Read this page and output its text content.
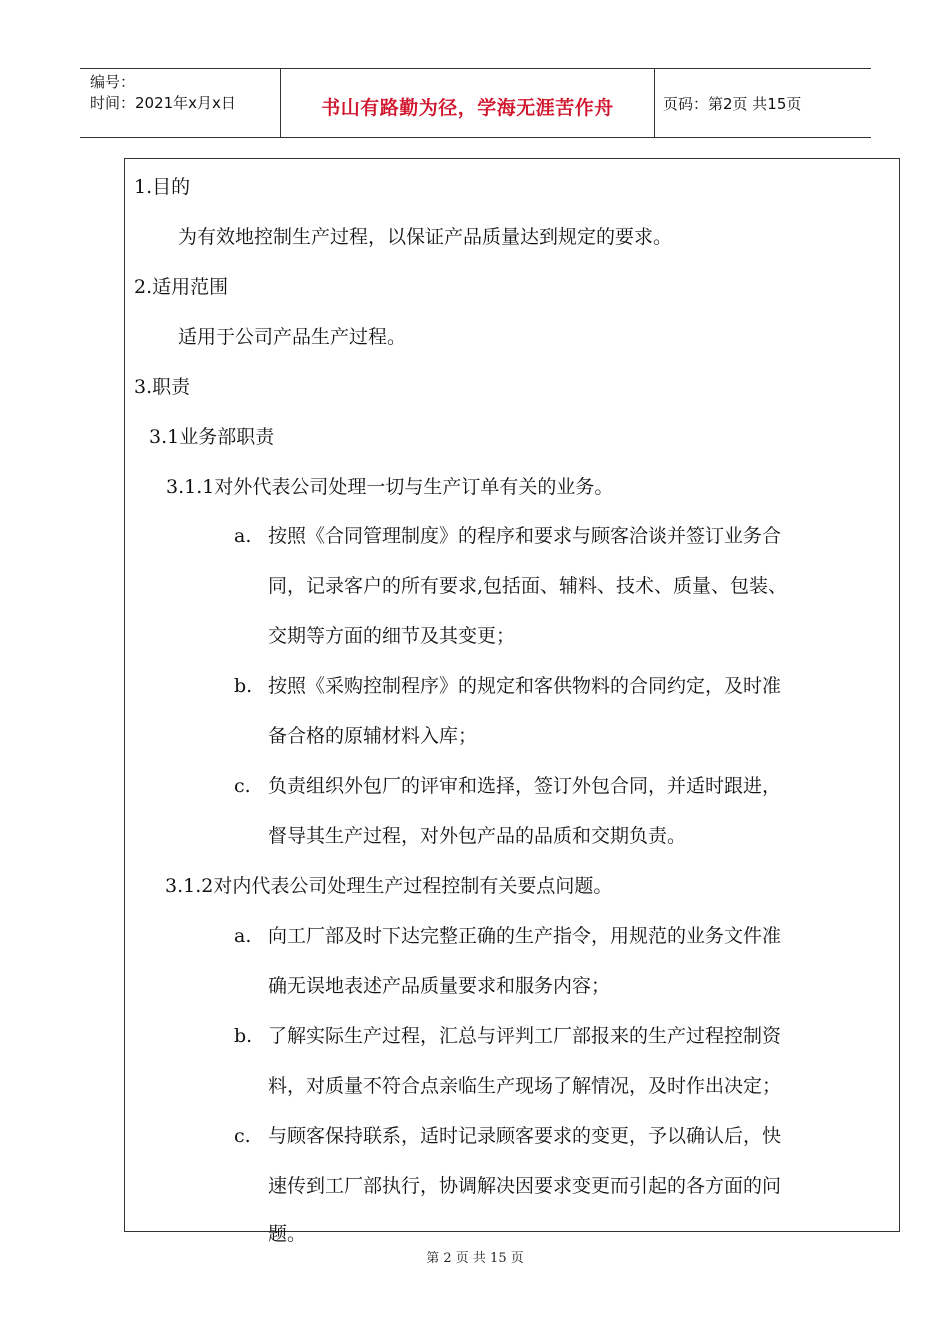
编号：
时间：2021年x月x日	书山有路勤为径，学海无涯苦作舟	页码：第2页 共15页
1.目的
为有效地控制生产过程，以保证产品质量达到规定的要求。
2.适用范围
适用于公司产品生产过程。
3.职责
3.1业务部职责
3.1.1对外代表公司处理一切与生产订单有关的业务。
a. 按照《合同管理制度》的程序和要求与顾客洽谈并签订业务合
同，记录客户的所有要求,包括面、辅料、技术、质量、包装、
交期等方面的细节及其变更；
b. 按照《采购控制程序》的规定和客供物料的合同约定，及时准
备合格的原辅材料入库；
c. 负责组织外包厂的评审和选择，签订外包合同，并适时跟进，
督导其生产过程，对外包产品的品质和交期负责。
3.1.2对内代表公司处理生产过程控制有关要点问题。
a. 向工厂部及时下达完整正确的生产指令，用规范的业务文件准
确无误地表述产品质量要求和服务内容；
b. 了解实际生产过程，汇总与评判工厂部报来的生产过程控制资
料，对质量不符合点亲临生产现场了解情况，及时作出决定；
c. 与顾客保持联系，适时记录顾客要求的变更，予以确认后，快
速传到工厂部执行，协调解决因要求变更而引起的各方面的问
题。
第 2 页 共 15 页
